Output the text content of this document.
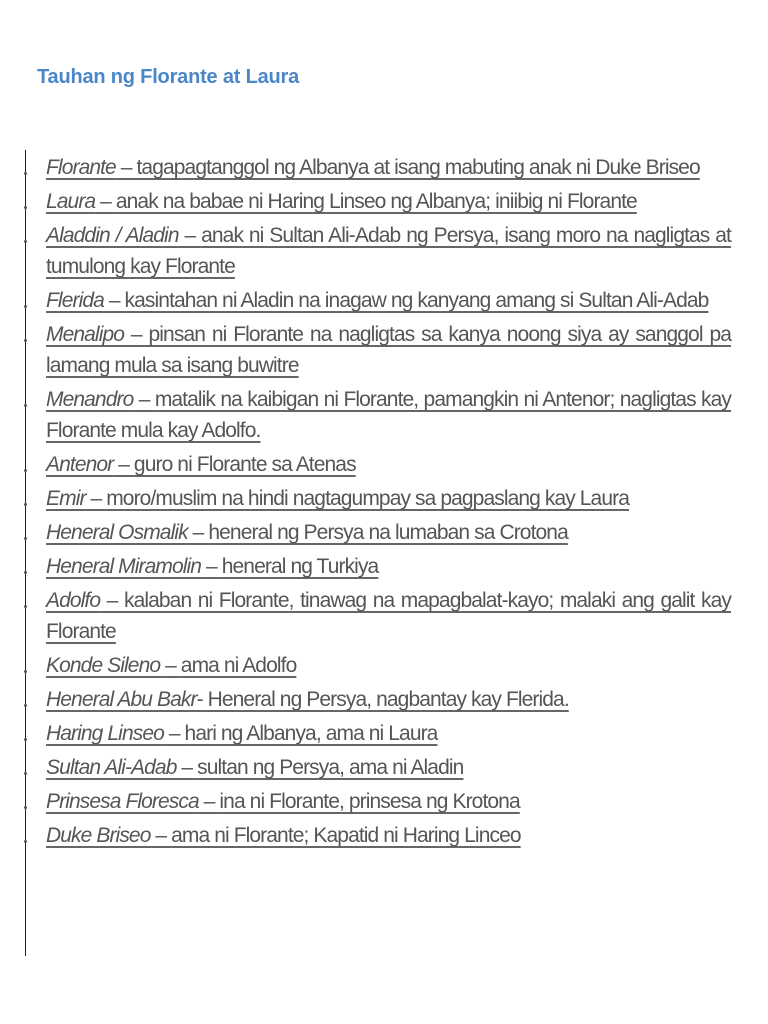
Tauhan ng Florante at Laura
Florante – tagapagtanggol ng Albanya at isang mabuting anak ni Duke Briseo
Laura – anak na babae ni Haring Linseo ng Albanya; iniibig ni Florante
Aladdin / Aladin – anak ni Sultan Ali-Adab ng Persya, isang moro na nagligtas at tumulong kay Florante
Flerida – kasintahan ni Aladin na inagaw ng kanyang amang si Sultan Ali-Adab
Menalipo – pinsan ni Florante na nagligtas sa kanya noong siya ay sanggol pa lamang mula sa isang buwitre
Menandro – matalik na kaibigan ni Florante, pamangkin ni Antenor; nagligtas kay Florante mula kay Adolfo.
Antenor – guro ni Florante sa Atenas
Emir – moro/muslim na hindi nagtagumpay sa pagpaslang kay Laura
Heneral Osmalik – heneral ng Persya na lumaban sa Crotona
Heneral Miramolin – heneral ng Turkiya
Adolfo – kalaban ni Florante, tinawag na mapagbalat-kayo; malaki ang galit kay Florante
Konde Sileno – ama ni Adolfo
Heneral Abu Bakr- Heneral ng Persya, nagbantay kay Flerida.
Haring Linseo – hari ng Albanya, ama ni Laura
Sultan Ali-Adab – sultan ng Persya, ama ni Aladin
Prinsesa Floresca – ina ni Florante, prinsesa ng Krotona
Duke Briseo – ama ni Florante; Kapatid ni Haring Linceo
